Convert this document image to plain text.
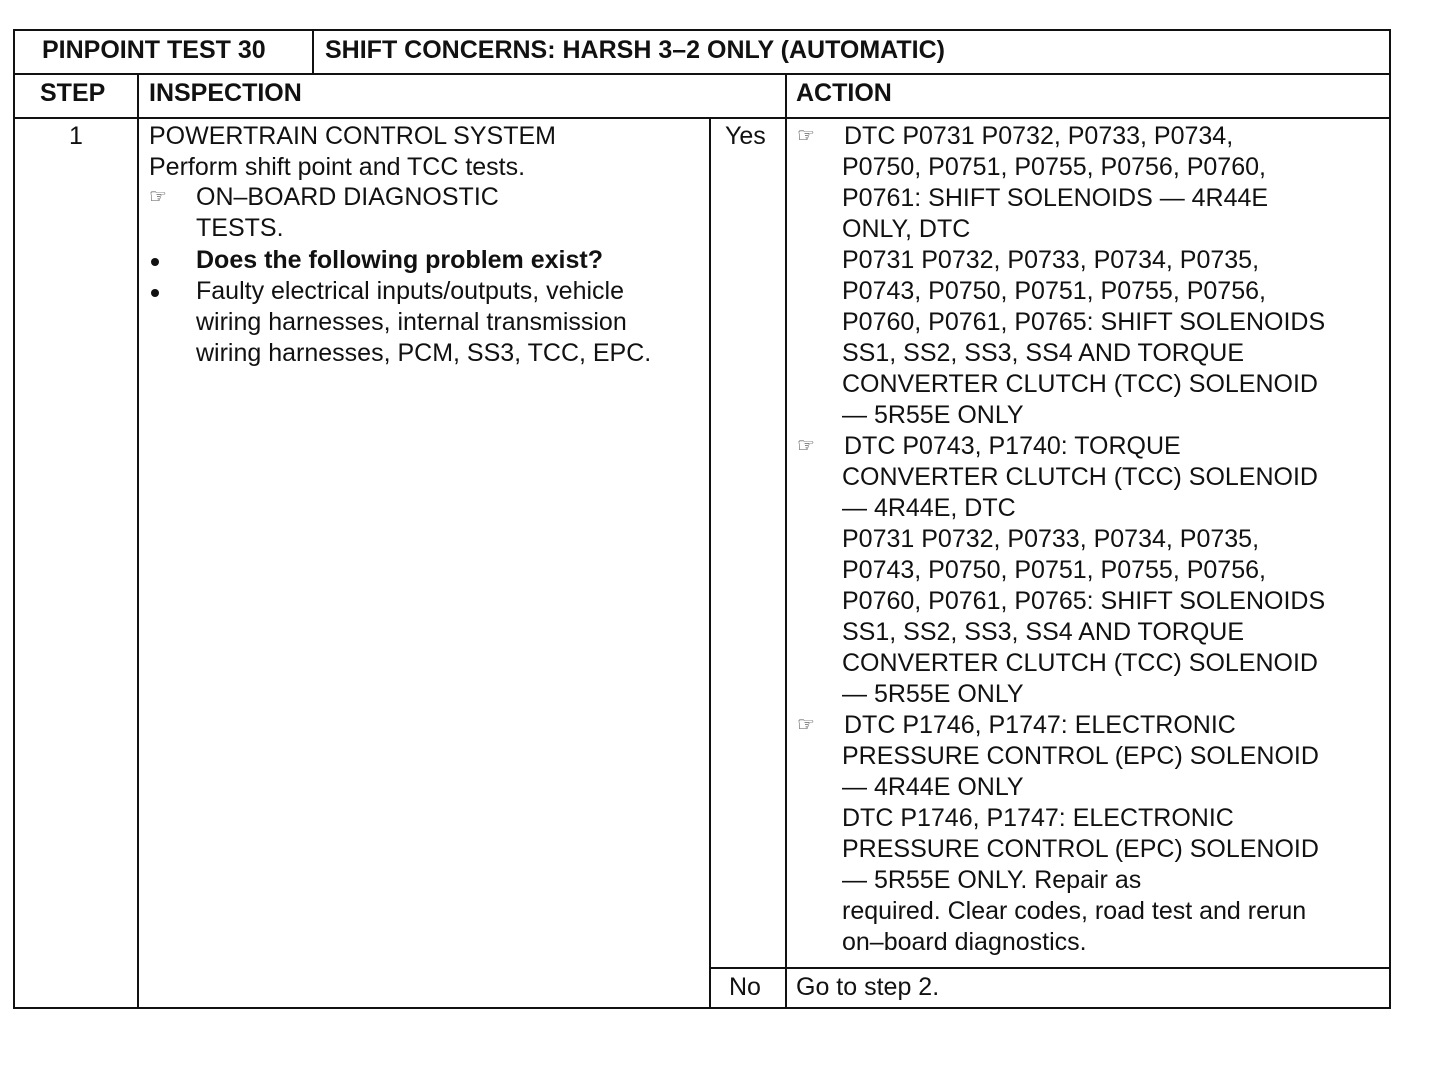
PINPOINT TEST 30 SHIFT CONCERNS: HARSH 3–2 ONLY (AUTOMATIC)
STEP INSPECTION	ACTION
1	POWERTRAIN CONTROL SYSTEM
Perform shift point and TCC tests.
☞ ON–BOARD DIAGNOSTIC
TESTS.
Does the following problem exist?
Faulty electrical inputs/outputs, vehicle
wiring harnesses, internal transmission
wiring harnesses, PCM, SS3, TCC, EPC.
Yes
No
☞ DTC P0731 P0732, P0733, P0734,
P0750, P0751, P0755, P0756, P0760,
P0761: SHIFT SOLENOIDS — 4R44E
ONLY, DTC
P0731 P0732, P0733, P0734, P0735,
P0743, P0750, P0751, P0755, P0756,
P0760, P0761, P0765: SHIFT SOLENOIDS
SS1, SS2, SS3, SS4 AND TORQUE
CONVERTER CLUTCH (TCC) SOLENOID
— 5R55E ONLY
☞ DTC P0743, P1740: TORQUE
CONVERTER CLUTCH (TCC) SOLENOID
— 4R44E, DTC
P0731 P0732, P0733, P0734, P0735,
P0743, P0750, P0751, P0755, P0756,
P0760, P0761, P0765: SHIFT SOLENOIDS
SS1, SS2, SS3, SS4 AND TORQUE
CONVERTER CLUTCH (TCC) SOLENOID
— 5R55E ONLY
☞ DTC P1746, P1747: ELECTRONIC
PRESSURE CONTROL (EPC) SOLENOID
— 4R44E ONLY
DTC P1746, P1747: ELECTRONIC
PRESSURE CONTROL (EPC) SOLENOID
— 5R55E ONLY. Repair as
required. Clear codes, road test and rerun
on–board diagnostics.
Go to step 2.
